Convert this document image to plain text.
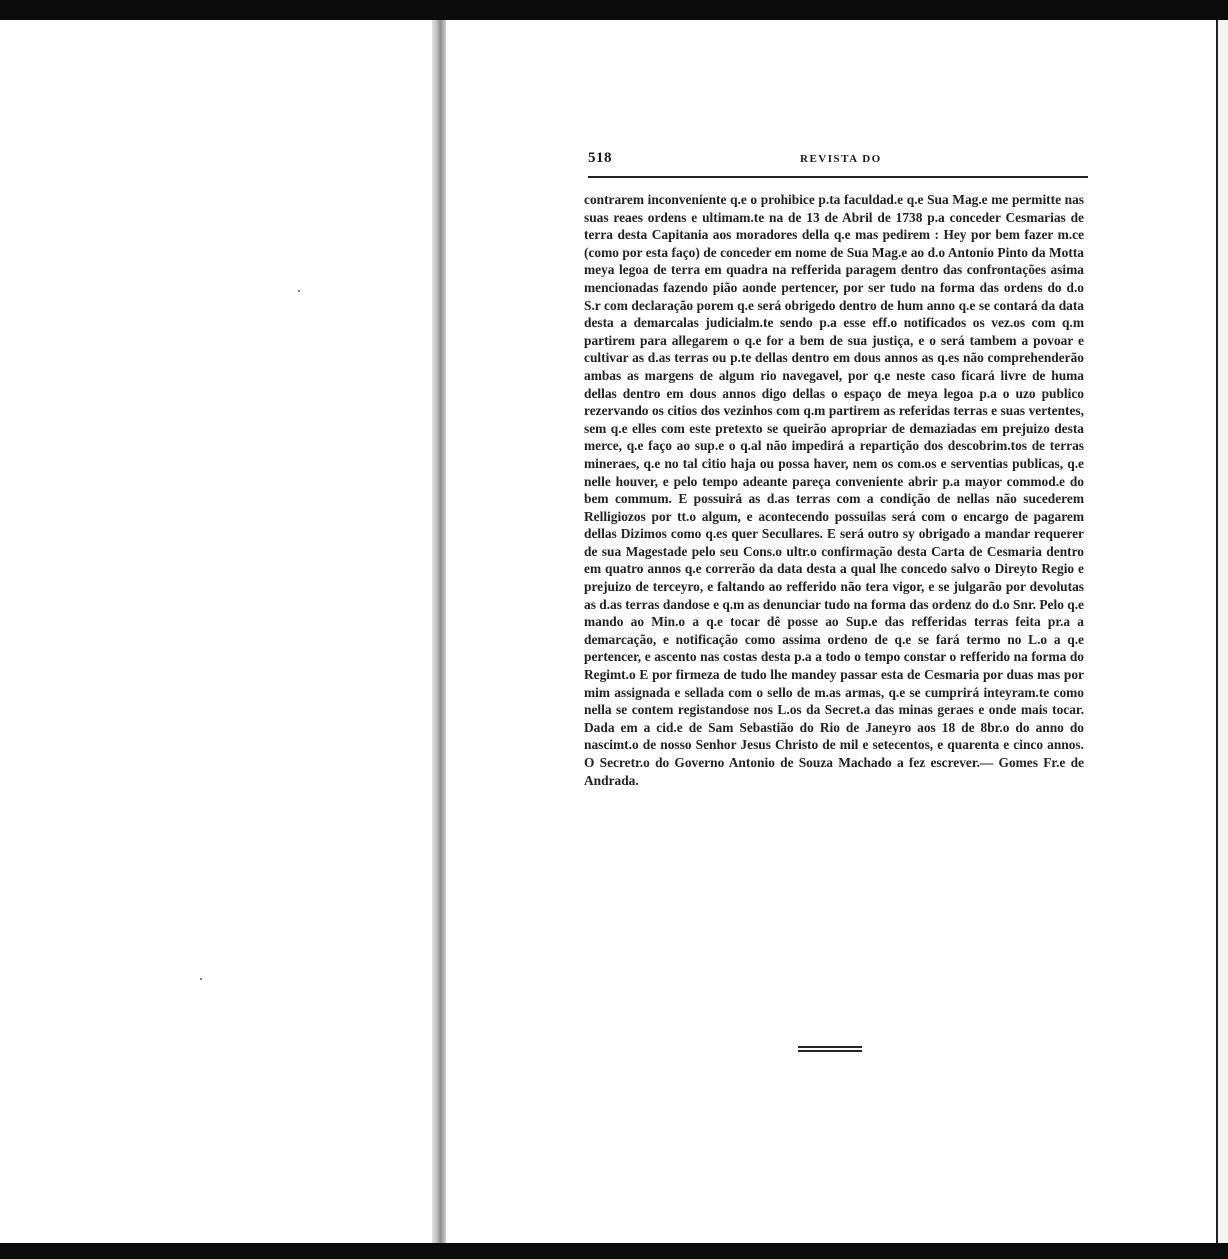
518	REVISTA DO

contrarem inconveniente q.e o prohibice p.ta faculdad.e q.e Sua Mag.e me permitte nas suas reaes ordens e ultimam.te na de 13 de Abril de 1738 p.a conceder Cesmarias de terra desta Capitania aos moradores della q.e mas pedirem : Hey por bem fazer m.ce (como por esta faço) de conceder em nome de Sua Mag.e ao d.o Antonio Pinto da Motta meya legoa de terra em quadra na refferida paragem dentro das confrontações asima mencionadas fazendo pião aonde pertencer, por ser tudo na forma das ordens do d.o S.r com declaração porem q.e será obrigedo dentro de hum anno q.e se contará da data desta a demarcalas judicialm.te sendo p.a esse eff.o notificados os vez.os com q.m partirem para allegarem o q.e for a bem de sua justiça, e o será tambem a povoar e cultivar as d.as terras ou p.te dellas dentro em dous annos as q.es não comprehenderão ambas as margens de algum rio navegavel, por q.e neste caso ficará livre de huma dellas dentro em dous annos digo dellas o espaço de meya legoa p.a o uzo publico rezervando os citios dos vezinhos com q.m partirem as referidas terras e suas vertentes, sem q.e elles com este pretexto se queirão apropriar de demaziadas em prejuizo desta merce, q.e faço ao sup.e o q.al não impedirá a repartição dos descobrim.tos de terras mineraes, q.e no tal citio haja ou possa haver, nem os com.os e serventias publicas, q.e nelle houver, e pelo tempo adeante pareça conveniente abrir p.a mayor commod.e do bem commum. E possuirá as d.as terras com a condição de nellas não sucederem Relligiozos por tt.o algum, e acontecendo possuilas será com o encargo de pagarem dellas Dizimos como q.es quer Secullares. E será outro sy obrigado a mandar requerer de sua Magestade pelo seu Cons.o ultr.o confirmação desta Carta de Cesmaria dentro em quatro annos q.e correrão da data desta a qual lhe concedo salvo o Direyto Regio e prejuizo de terceyro, e faltando ao refferido não tera vigor, e se julgarão por devolutas as d.as terras dandose e q.m as denunciar tudo na forma das ordenz do d.o Snr. Pelo q.e mando ao Min.o a q.e tocar dê posse ao Sup.e das refferidas terras feita pr.a a demarcação, e notificação como assima ordeno de q.e se fará termo no L.o a q.e pertencer, e ascento nas costas desta p.a a todo o tempo constar o refferido na forma do Regimt.o E por firmeza de tudo lhe mandey passar esta de Cesmaria por duas mas por mim assignada e sellada com o sello de m.as armas, q.e se cumprirá inteyram.te como nella se contem registandose nos L.os da Secret.a das minas geraes e onde mais tocar. Dada em a cid.e de Sam Sebastião do Rio de Janeyro aos 18 de 8br.o do anno do nascimt.o de nosso Senhor Jesus Christo de mil e setecentos, e quarenta e cinco annos. O Secretr.o do Governo Antonio de Souza Machado a fez escrever.— Gomes Fr.e de Andrada.
